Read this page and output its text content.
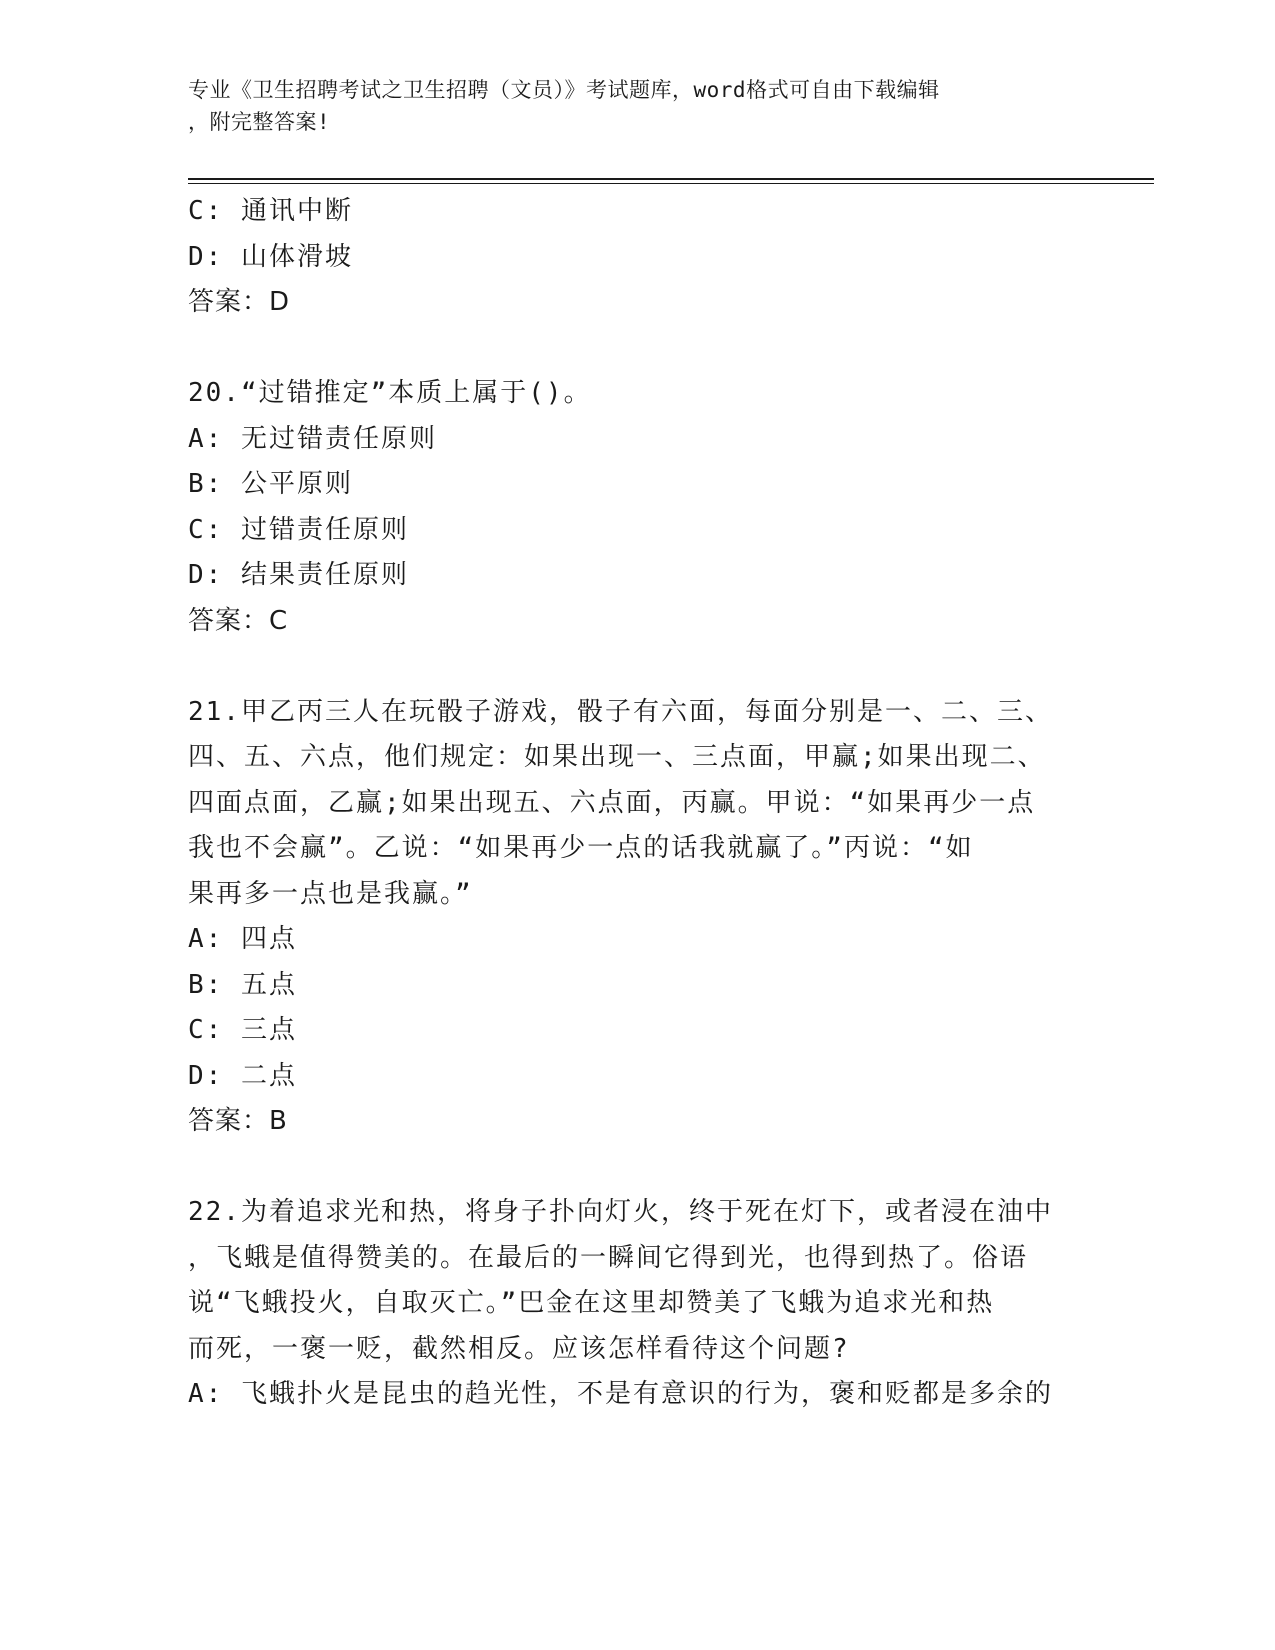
专业《卫生招聘考试之卫生招聘（文员）》考试题库，word格式可自由下载编辑
，附完整答案!
C: 通讯中断
D: 山体滑坡
答案：D
20.“过错推定”本质上属于()。
A: 无过错责任原则
B: 公平原则
C: 过错责任原则
D: 结果责任原则
答案：C
21.甲乙丙三人在玩骰子游戏，骰子有六面，每面分别是一、二、三、
四、五、六点，他们规定：如果出现一、三点面，甲赢;如果出现二、
四面点面，乙赢;如果出现五、六点面，丙赢。甲说：“如果再少一点
我也不会赢”。乙说：“如果再少一点的话我就赢了。”丙说：“如
果再多一点也是我赢。”
A: 四点
B: 五点
C: 三点
D: 二点
答案：B
22.为着追求光和热，将身子扑向灯火，终于死在灯下，或者浸在油中
，飞蛾是值得赞美的。在最后的一瞬间它得到光，也得到热了。俗语
说“飞蛾投火，自取灭亡。”巴金在这里却赞美了飞蛾为追求光和热
而死，一褒一贬，截然相反。应该怎样看待这个问题?
A: 飞蛾扑火是昆虫的趋光性，不是有意识的行为，褒和贬都是多余的
